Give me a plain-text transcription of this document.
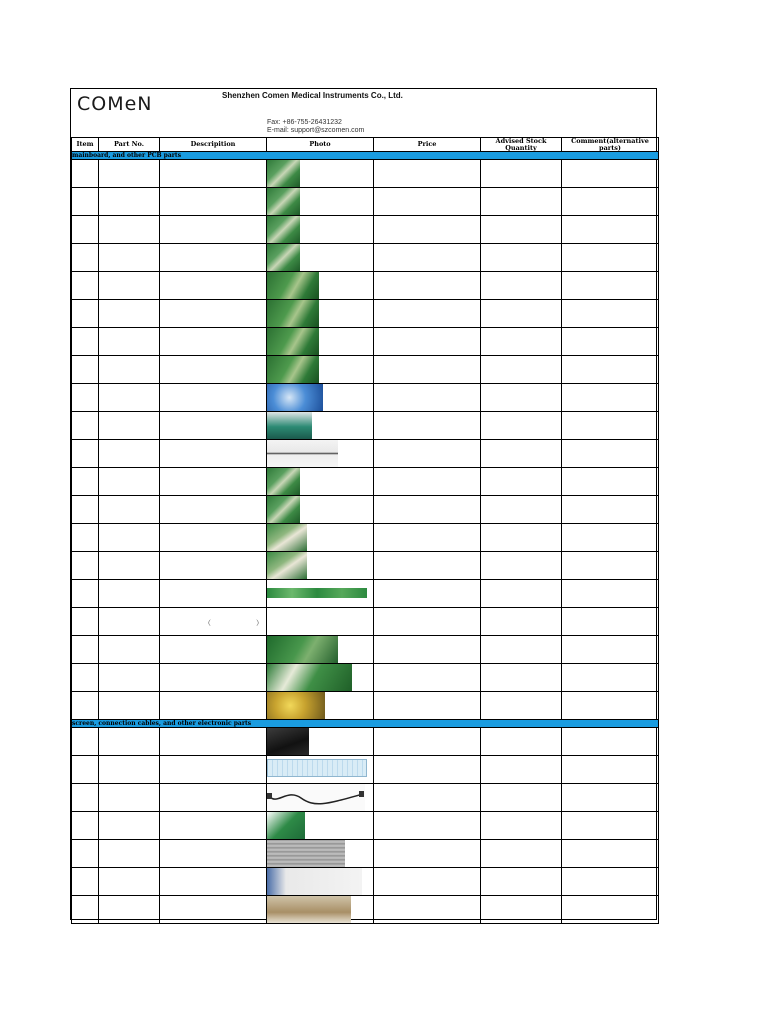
COMeN	Shenzhen Comen Medical Instruments Co., Ltd.
Fax: +86-755-26431232
E-mail: support@szcomen.com
Item	Part No.	Descripition	Photo	Price	Advised Stock Quantity	Comment(alternative parts)
mainboard, and other PCB parts						

		（ ）				

screen, connection cables, and other electronic parts						
